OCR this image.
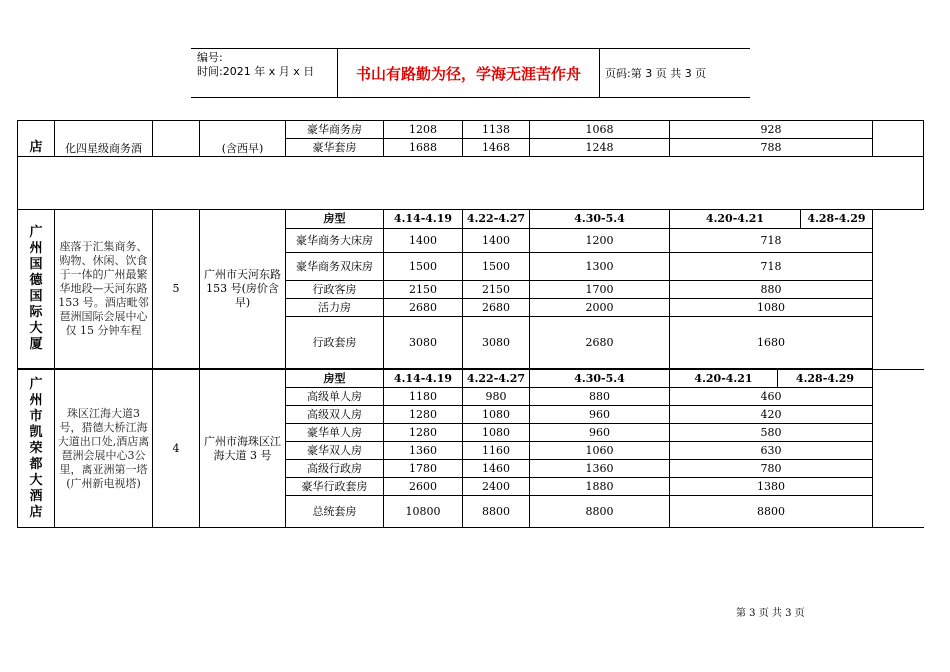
编号:
时间:2021 年 x 月 x 日	书山有路勤为径，学海无涯苦作舟	页码:第 3 页 共 3 页
店	化四星级商务酒		(含西早)	豪华商务房	1208	1138	1068	928	
				豪华套房	1688	1468	1248	788	

广州国德国际大厦	座落于汇集商务、购物、休闲、饮食于一体的广州最繁华地段—天河东路153 号。酒店毗邻琶洲国际会展中心仅 15 分钟车程	5	广州市天河东路 153 号(房价含早)	房型	4.14-4.19	4.22-4.27	4.30-5.4	4.20-4.21	4.28-4.29	
				豪华商务大床房	1400	1400	1200	718		
				豪华商务双床房	1500	1500	1300	718		
				行政客房	2150	2150	1700	880		
				活力房	2680	2680	2000	1080		
				行政套房	3080	3080	2680	1680		
广州市凯荣都大酒店	珠区江海大道3号，猎德大桥江海大道出口处,酒店离琶洲会展中心3公里，离亚洲第一塔(广州新电视塔)	4	广州市海珠区江海大道 3 号	房型	4.14-4.19	4.22-4.27	4.30-5.4	4.20-4.21	4.28-4.29	
				高级单人房	1180	980	880	460		
				高级双人房	1280	1080	960	420		
				豪华单人房	1280	1080	960	580		
				豪华双人房	1360	1160	1060	630		
				高级行政房	1780	1460	1360	780		
				豪华行政套房	2600	2400	1880	1380		
				总统套房	10800	8800	8800	8800		
第 3 页 共 3 页
